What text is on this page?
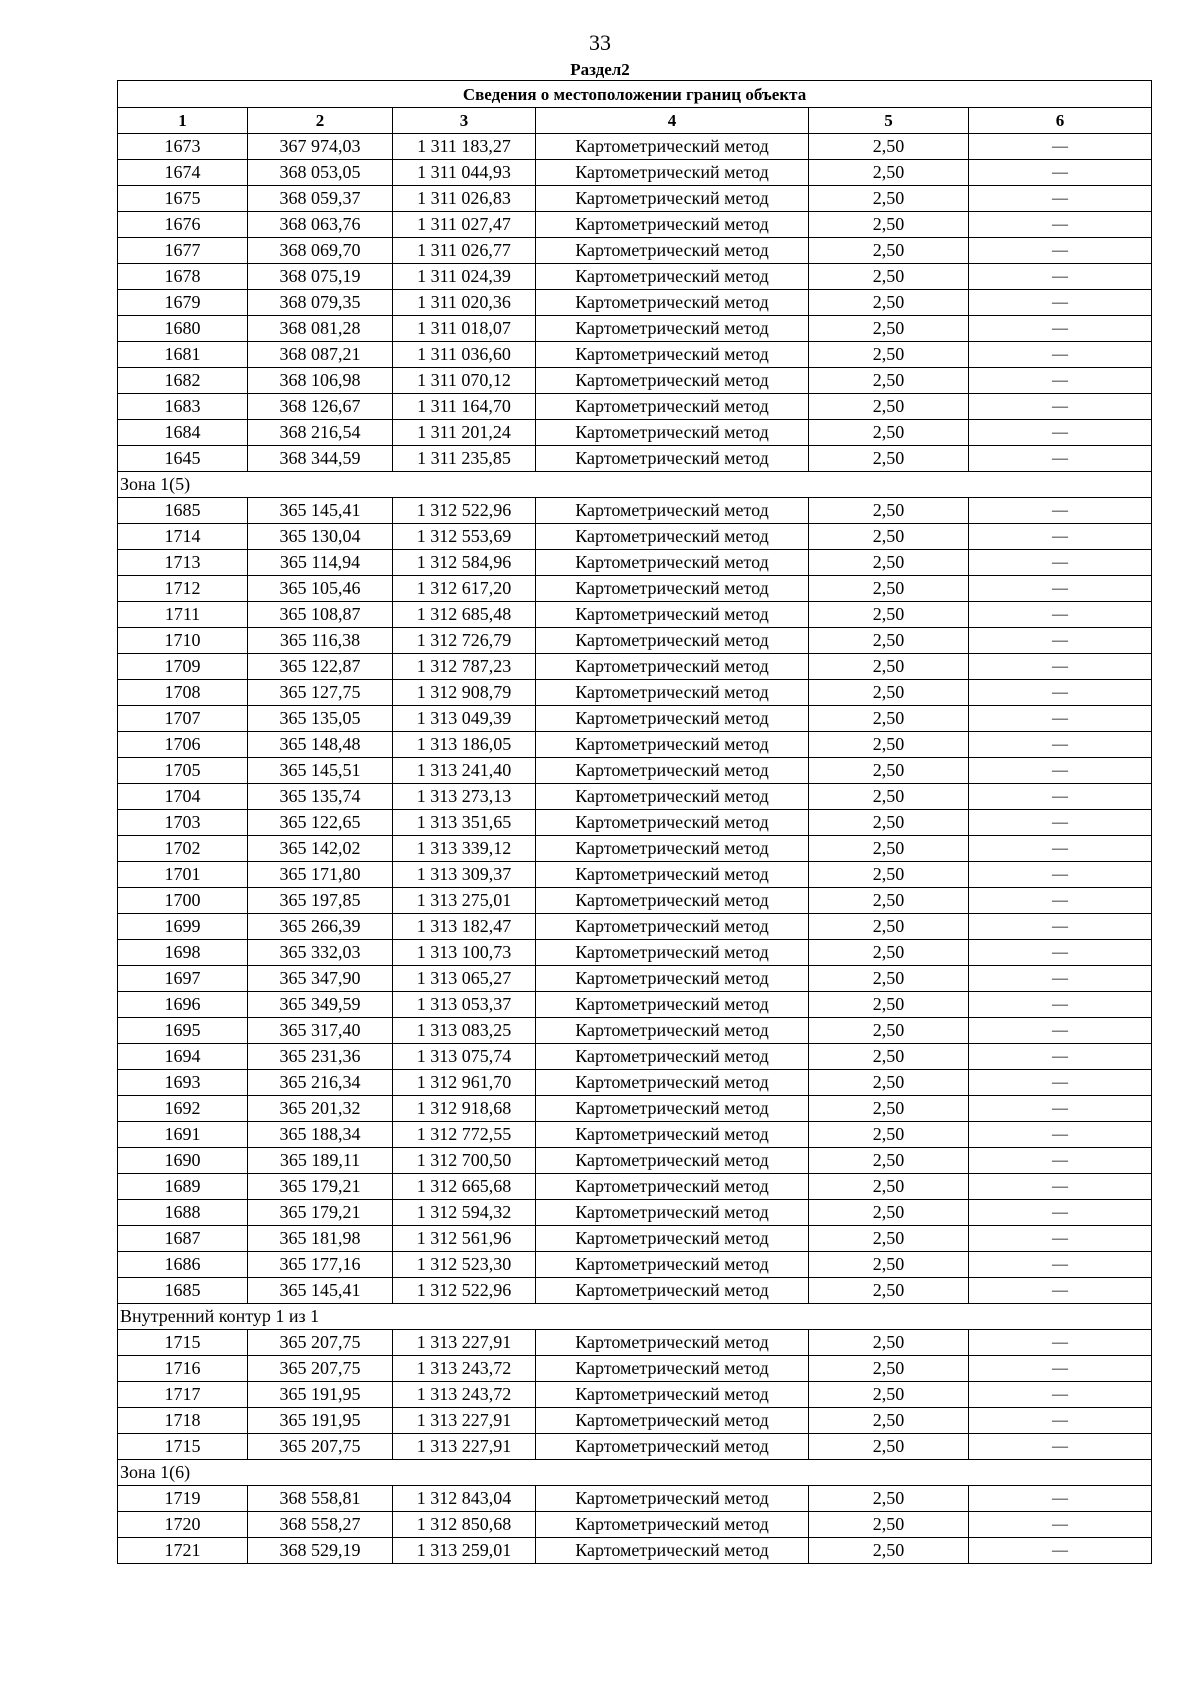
33
Раздел2
Сведения о местоположении границ объекта					
1	2	3	4	5	6
1673	367 974,03	1 311 183,27	Картометрический метод	2,50	—
1674	368 053,05	1 311 044,93	Картометрический метод	2,50	—
1675	368 059,37	1 311 026,83	Картометрический метод	2,50	—
1676	368 063,76	1 311 027,47	Картометрический метод	2,50	—
1677	368 069,70	1 311 026,77	Картометрический метод	2,50	—
1678	368 075,19	1 311 024,39	Картометрический метод	2,50	—
1679	368 079,35	1 311 020,36	Картометрический метод	2,50	—
1680	368 081,28	1 311 018,07	Картометрический метод	2,50	—
1681	368 087,21	1 311 036,60	Картометрический метод	2,50	—
1682	368 106,98	1 311 070,12	Картометрический метод	2,50	—
1683	368 126,67	1 311 164,70	Картометрический метод	2,50	—
1684	368 216,54	1 311 201,24	Картометрический метод	2,50	—
1645	368 344,59	1 311 235,85	Картометрический метод	2,50	—
Зона 1(5)					
1685	365 145,41	1 312 522,96	Картометрический метод	2,50	—
1714	365 130,04	1 312 553,69	Картометрический метод	2,50	—
1713	365 114,94	1 312 584,96	Картометрический метод	2,50	—
1712	365 105,46	1 312 617,20	Картометрический метод	2,50	—
1711	365 108,87	1 312 685,48	Картометрический метод	2,50	—
1710	365 116,38	1 312 726,79	Картометрический метод	2,50	—
1709	365 122,87	1 312 787,23	Картометрический метод	2,50	—
1708	365 127,75	1 312 908,79	Картометрический метод	2,50	—
1707	365 135,05	1 313 049,39	Картометрический метод	2,50	—
1706	365 148,48	1 313 186,05	Картометрический метод	2,50	—
1705	365 145,51	1 313 241,40	Картометрический метод	2,50	—
1704	365 135,74	1 313 273,13	Картометрический метод	2,50	—
1703	365 122,65	1 313 351,65	Картометрический метод	2,50	—
1702	365 142,02	1 313 339,12	Картометрический метод	2,50	—
1701	365 171,80	1 313 309,37	Картометрический метод	2,50	—
1700	365 197,85	1 313 275,01	Картометрический метод	2,50	—
1699	365 266,39	1 313 182,47	Картометрический метод	2,50	—
1698	365 332,03	1 313 100,73	Картометрический метод	2,50	—
1697	365 347,90	1 313 065,27	Картометрический метод	2,50	—
1696	365 349,59	1 313 053,37	Картометрический метод	2,50	—
1695	365 317,40	1 313 083,25	Картометрический метод	2,50	—
1694	365 231,36	1 313 075,74	Картометрический метод	2,50	—
1693	365 216,34	1 312 961,70	Картометрический метод	2,50	—
1692	365 201,32	1 312 918,68	Картометрический метод	2,50	—
1691	365 188,34	1 312 772,55	Картометрический метод	2,50	—
1690	365 189,11	1 312 700,50	Картометрический метод	2,50	—
1689	365 179,21	1 312 665,68	Картометрический метод	2,50	—
1688	365 179,21	1 312 594,32	Картометрический метод	2,50	—
1687	365 181,98	1 312 561,96	Картометрический метод	2,50	—
1686	365 177,16	1 312 523,30	Картометрический метод	2,50	—
1685	365 145,41	1 312 522,96	Картометрический метод	2,50	—
Внутренний контур 1 из 1					
1715	365 207,75	1 313 227,91	Картометрический метод	2,50	—
1716	365 207,75	1 313 243,72	Картометрический метод	2,50	—
1717	365 191,95	1 313 243,72	Картометрический метод	2,50	—
1718	365 191,95	1 313 227,91	Картометрический метод	2,50	—
1715	365 207,75	1 313 227,91	Картометрический метод	2,50	—
Зона 1(6)					
1719	368 558,81	1 312 843,04	Картометрический метод	2,50	—
1720	368 558,27	1 312 850,68	Картометрический метод	2,50	—
1721	368 529,19	1 313 259,01	Картометрический метод	2,50	—
